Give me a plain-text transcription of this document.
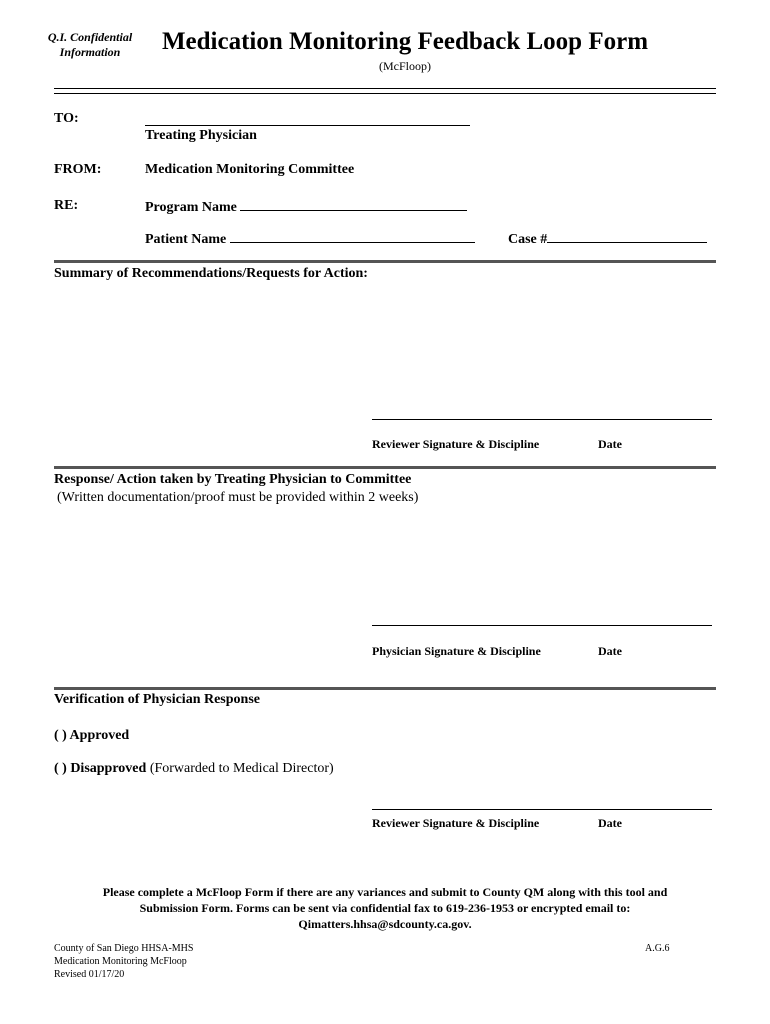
Q.I. Confidential
Information	Medication Monitoring Feedback Loop Form
(McFloop)
TO:
Treating Physician
FROM:	Medication Monitoring Committee
RE:	Program Name
Patient Name	Case #
Summary of Recommendations/Requests for Action:
Reviewer Signature & Discipline	Date
Response/ Action taken by Treating Physician to Committee
(Written documentation/proof must be provided within 2 weeks)
Physician Signature & Discipline	Date
Verification of Physician Response
( ) Approved
( ) Disapproved (Forwarded to Medical Director)
Reviewer Signature & Discipline	Date
Please complete a McFloop Form if there are any variances and submit to County QM along with this tool and
Submission Form. Forms can be sent via confidential fax to 619-236-1953 or encrypted email to:
Qimatters.hhsa@sdcounty.ca.gov.
County of San Diego HHSA-MHS
Medication Monitoring McFloop
Revised 01/17/20
A.G.6
